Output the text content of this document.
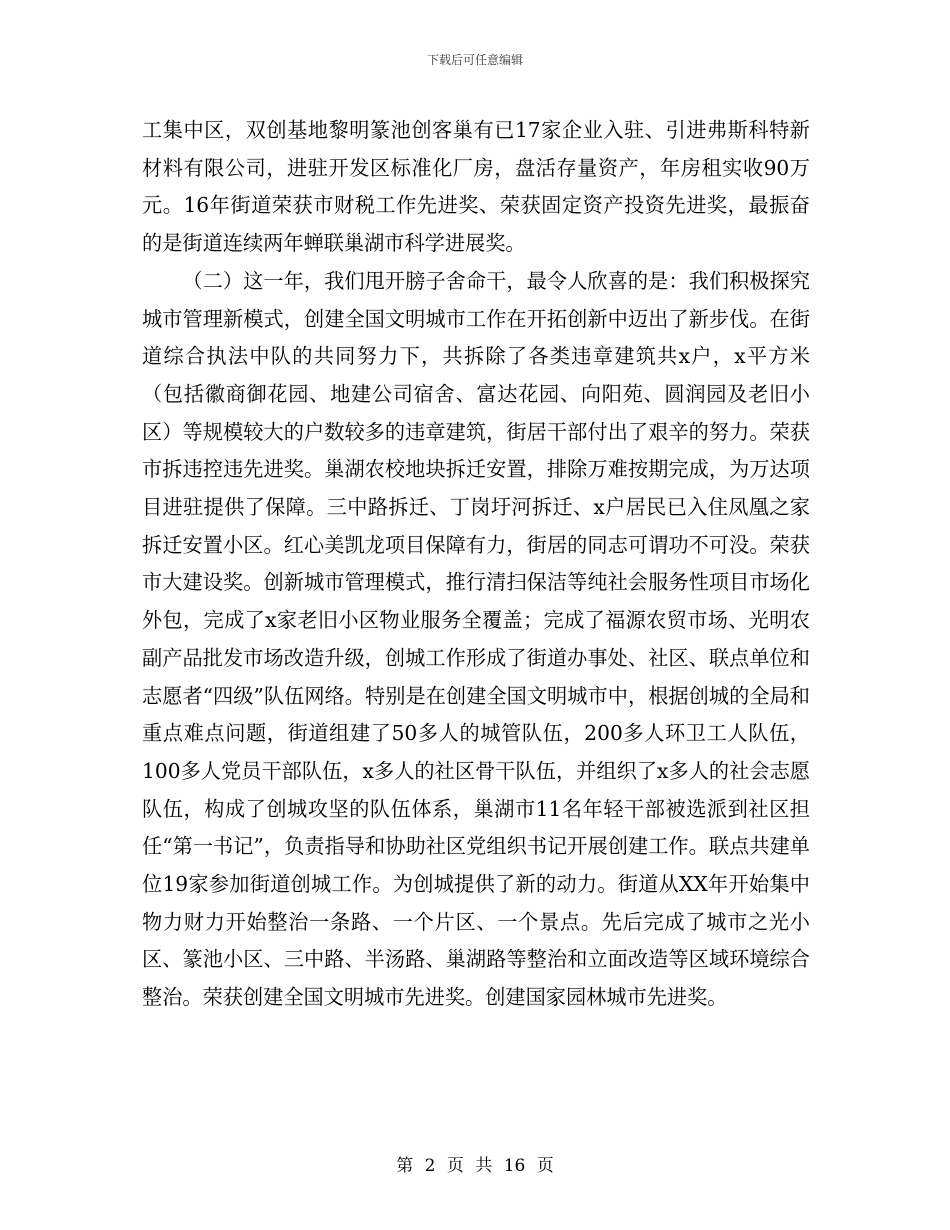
下载后可任意编辑

工集中区，双创基地黎明篆池创客巢有已17家企业入驻、引进弗斯科特新材料有限公司，进驻开发区标准化厂房，盘活存量资产，年房租实收90万元。16年街道荣获市财税工作先进奖、荣获固定资产投资先进奖，最振奋的是街道连续两年蝉联巢湖市科学进展奖。

（二）这一年，我们甩开膀子舍命干，最令人欣喜的是：我们积极探究城市管理新模式，创建全国文明城市工作在开拓创新中迈出了新步伐。在街道综合执法中队的共同努力下，共拆除了各类违章建筑共x户，x平方米（包括徽商御花园、地建公司宿舍、富达花园、向阳苑、圆润园及老旧小区）等规模较大的户数较多的违章建筑，街居干部付出了艰辛的努力。荣获市拆违控违先进奖。巢湖农校地块拆迁安置，排除万难按期完成，为万达项目进驻提供了保障。三中路拆迁、丁岗圩河拆迁、x户居民已入住凤凰之家拆迁安置小区。红心美凯龙项目保障有力，街居的同志可谓功不可没。荣获市大建设奖。创新城市管理模式，推行清扫保洁等纯社会服务性项目市场化外包，完成了x家老旧小区物业服务全覆盖；完成了福源农贸市场、光明农副产品批发市场改造升级，创城工作形成了街道办事处、社区、联点单位和志愿者“四级”队伍网络。特别是在创建全国文明城市中，根据创城的全局和重点难点问题，街道组建了50多人的城管队伍，200多人环卫工人队伍，100多人党员干部队伍，x多人的社区骨干队伍，并组织了x多人的社会志愿队伍，构成了创城攻坚的队伍体系，巢湖市11名年轻干部被选派到社区担任“第一书记”，负责指导和协助社区党组织书记开展创建工作。联点共建单位19家参加街道创城工作。为创城提供了新的动力。街道从XX年开始集中物力财力开始整治一条路、一个片区、一个景点。先后完成了城市之光小区、篆池小区、三中路、半汤路、巢湖路等整治和立面改造等区域环境综合整治。荣获创建全国文明城市先进奖。创建国家园林城市先进奖。

第 2 页 共 16 页
